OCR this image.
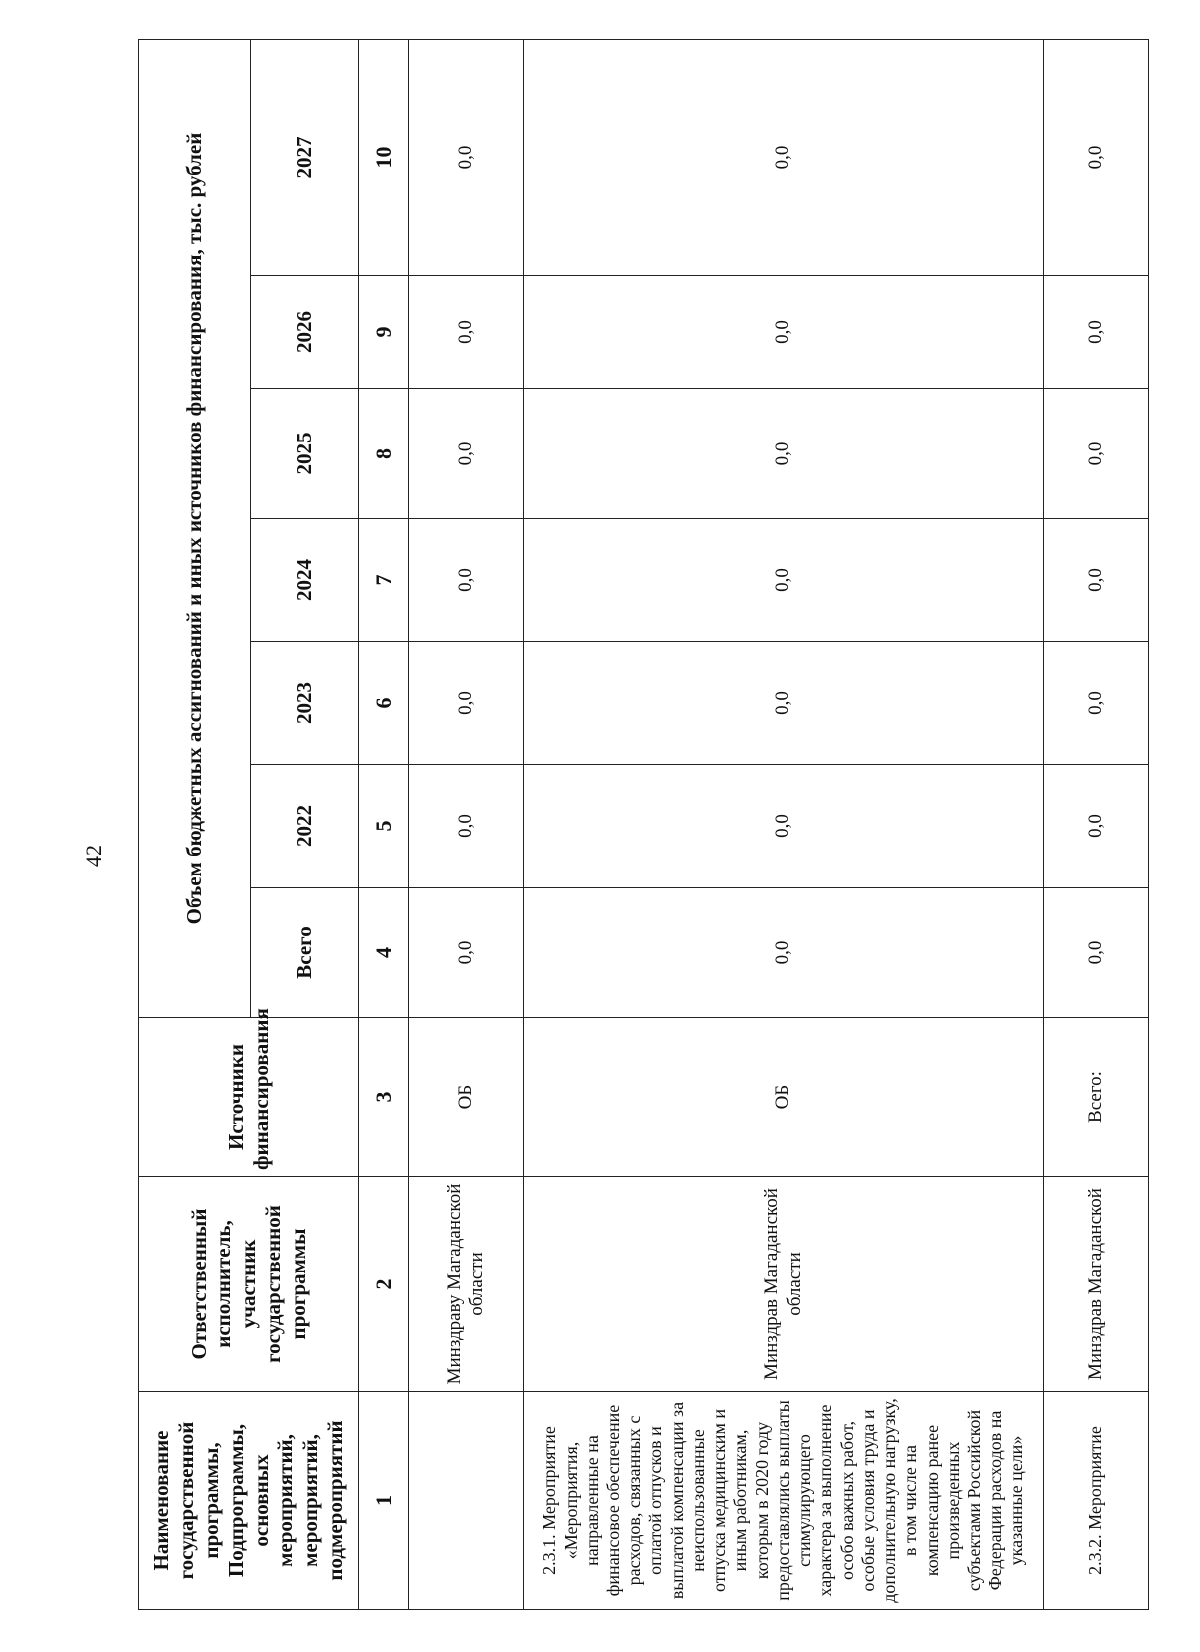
42
Наименование государственной программы, Подпрограммы, основных мероприятий, мероприятий, подмероприятий	Ответственный исполнитель, участник государственной программы	Источники финансирования	Объем бюджетных ассигнований и иных источников финансирования, тыс. рублей						
			Всего	2022	2023	2024	2025	2026	2027
1	2	3	4	5	6	7	8	9	10
	Минздраву Магаданской области	ОБ	0,0	0,0	0,0	0,0	0,0	0,0	0,0
2.3.1. Мероприятие «Мероприятия, направленные на финансовое обеспечение расходов, связанных с оплатой отпусков и выплатой компенсации за неиспользованные отпуска медицинским и иным работникам, которым в 2020 году предоставлялись выплаты стимулирующего характера за выполнение особо важных работ, особые условия труда и дополнительную нагрузку, в том числе на компенсацию ранее произведенных субъектами Российской Федерации расходов на указанные цели»	Минздрав Магаданской области	ОБ	0,0	0,0	0,0	0,0	0,0	0,0	0,0
2.3.2. Мероприятие	Минздрав Магаданской	Всего:	0,0	0,0	0,0	0,0	0,0	0,0	0,0
